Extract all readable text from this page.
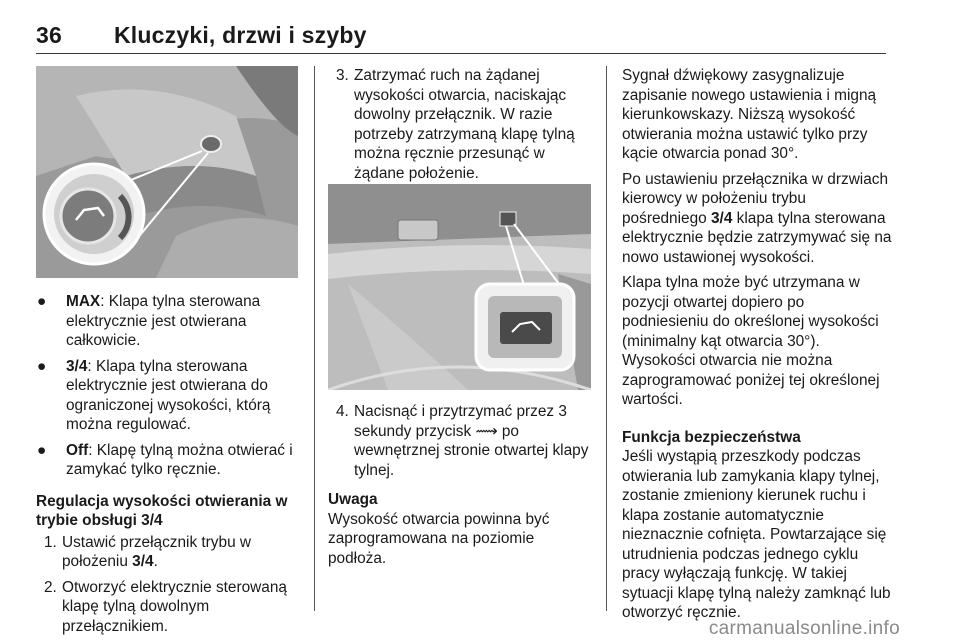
36 Kluczyki, drzwi i szyby
● MAX: Klapa tylna sterowana elektrycznie jest otwierana całkowicie.
● 3/4: Klapa tylna sterowana elektrycznie jest otwierana do ograniczonej wysokości, którą można regulować.
● Off: Klapę tylną można otwierać i zamykać tylko ręcznie.

Regulacja wysokości otwierania w trybie obsługi 3/4

1. Ustawić przełącznik trybu w położeniu 3/4.
2. Otworzyć elektrycznie sterowaną klapę tylną dowolnym przełącznikiem.
3. Zatrzymać ruch na żądanej wysokości otwarcia, naciskając dowolny przełącznik. W razie potrzeby zatrzymaną klapę tylną można ręcznie przesunąć w żądane położenie.
4. Nacisnąć i przytrzymać przez 3 sekundy przycisk ⟿ po wewnętrznej stronie otwartej klapy tylnej.

Uwaga

Wysokość otwarcia powinna być zaprogramowana na poziomie podłoża.

Sygnał dźwiękowy zasygnalizuje zapisanie nowego ustawienia i migną kierunkowskazy. Niższą wysokość otwierania można ustawić tylko przy kącie otwarcia ponad 30°.

Po ustawieniu przełącznika w drzwiach kierowcy w położeniu trybu pośredniego 3/4 klapa tylna sterowana elektrycznie będzie zatrzymywać się na nowo ustawionej wysokości.

Klapa tylna może być utrzymana w pozycji otwartej dopiero po podniesieniu do określonej wysokości (minimalny kąt otwarcia 30°). Wysokości otwarcia nie można zaprogramować poniżej tej określonej wartości.

Funkcja bezpieczeństwa

Jeśli wystąpią przeszkody podczas otwierania lub zamykania klapy tylnej, zostanie zmieniony kierunek ruchu i klapa zostanie automatycznie nieznacznie cofnięta. Powtarzające się utrudnienia podczas jednego cyklu pracy wyłączają funkcję. W takiej sytuacji klapę tylną należy zamknąć lub otworzyć ręcznie.

carmanualsonline.info
